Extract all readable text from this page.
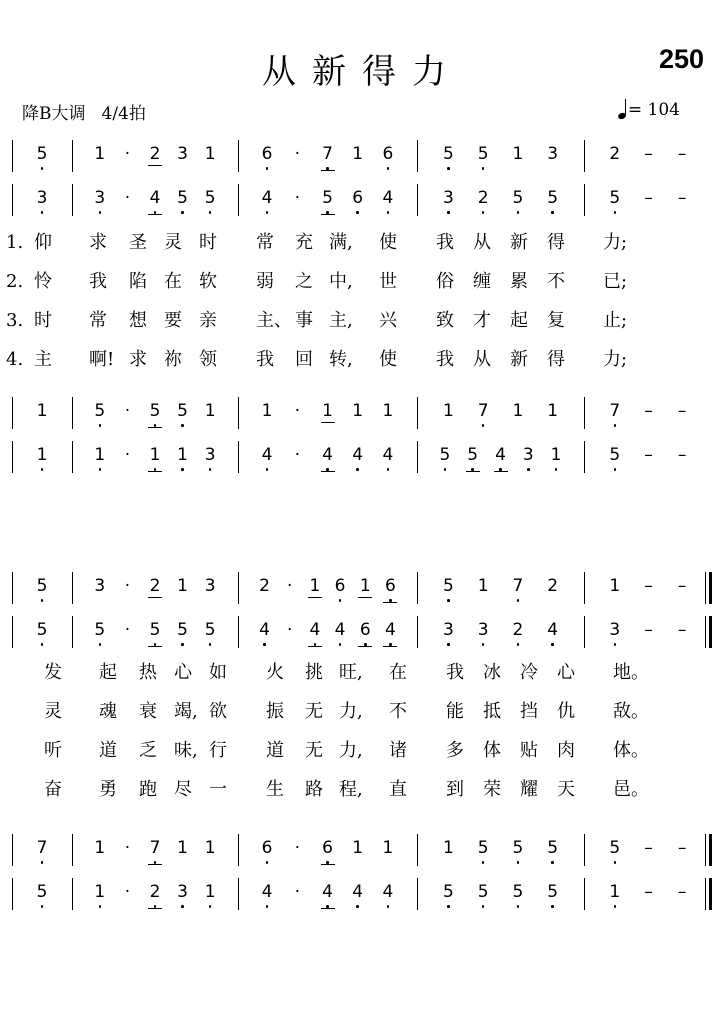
从新得力	250
降B大调 4/4拍	= 104
5	1	·	2 3 1	6	·	7 1 6	5 5 1 3	2	–	–
3	3	·	4 5 5	4	·	5 6 4	3 2 5 5	5	–	–
1	5	·	5 5 1	1	·	1 1 1	1 7 1 1	7	–	–
1	1	·	1 1 3	4	·	4 4 4	5 5 4 3 1	5	–	–
1. 仰 求 圣 灵 时 常 充 满, 使 我 从 新 得 力;
2. 怜 我 陷 在 软 弱 之 中, 世 俗 缠 累 不 已;
3. 时 常 想 要 亲 主、 事 主, 兴 致 才 起 复 止;
4. 主 啊! 求 祢 领 我 回 转, 使 我 从 新 得 力;
5	3	·	2 1 3	2	·	1 6 1 6	5 1 7 2	1	–	–
5	5	·	5 5 5	4	·	4 4 6 4	3 3 2 4	3	–	–
7	1	·	7 1 1	6	·	6 1 1	1 5 5 5	5	–	–
5	1	·	2 3 1	4	·	4 4 4	5 5 5 5	1	–	–
发 起 热 心 如 火 挑 旺, 在 我 冰 冷 心 地。
灵 魂 衰 竭, 欲 振 无 力, 不 能 抵 挡 仇 敌。
听 道 乏 味, 行 道 无 力, 诸 多 体 贴 肉 体。
奋 勇 跑 尽 一 生 路 程, 直 到 荣 耀 天 邑。
